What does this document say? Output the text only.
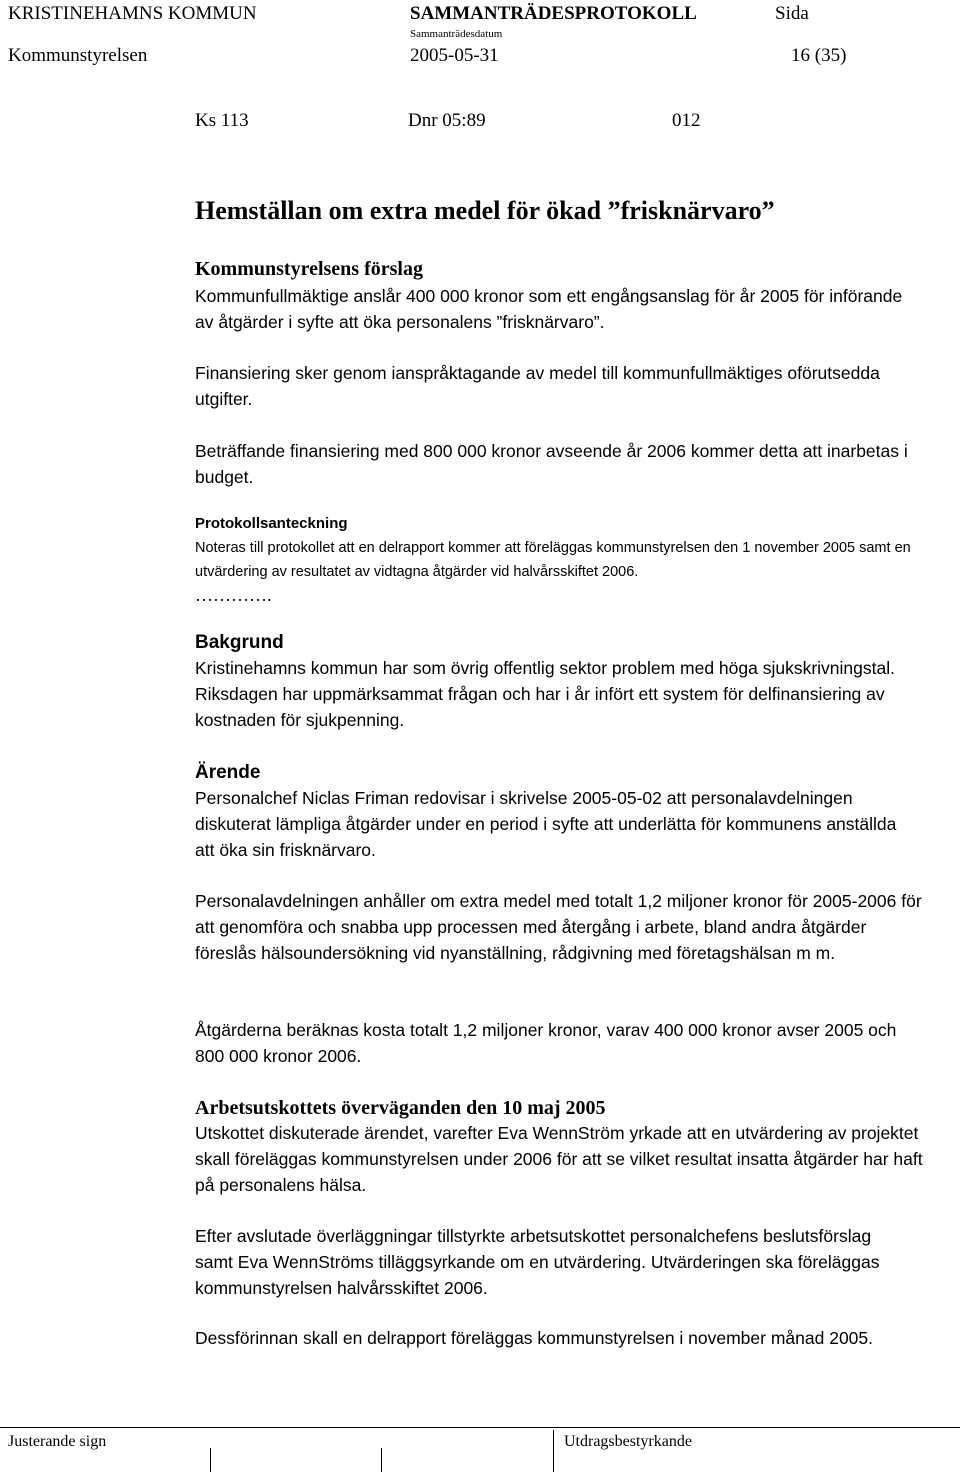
KRISTINEHAMNS KOMMUN	SAMMANTRÄDESPROTOKOLL	Sida
Sammanträdesdatum
Kommunstyrelsen	2005-05-31	16 (35)
Ks 113	Dnr 05:89	012
Hemställan om extra medel för ökad ”frisknärvaro”
Kommunstyrelsens förslag
Kommunfullmäktige anslår 400 000 kronor som ett engångsanslag för år 2005 för införande av åtgärder i syfte att öka personalens ”frisknärvaro”.
Finansiering sker genom ianspråktagande av medel till kommunfullmäktiges oförutsedda utgifter.
Beträffande finansiering med 800 000 kronor avseende år 2006 kommer detta att inarbetas i budget.
Protokollsanteckning
Noteras till protokollet att en delrapport kommer att föreläggas kommunstyrelsen den 1 november 2005 samt en utvärdering av resultatet av vidtagna åtgärder vid halvårsskiftet 2006.
………….
Bakgrund
Kristinehamns kommun har som övrig offentlig sektor problem med höga sjukskrivningstal. Riksdagen har uppmärksammat frågan och har i år infört ett system för delfinansiering av kostnaden för sjukpenning.
Ärende
Personalchef Niclas Friman redovisar i skrivelse 2005-05-02 att personalavdelningen diskuterat lämpliga åtgärder under en period i syfte att underlätta för kommunens anställda att öka sin frisknärvaro.
Personalavdelningen anhåller om extra medel med totalt 1,2 miljoner kronor för 2005-2006 för att genomföra och snabba upp processen med återgång i arbete, bland andra åtgärder föreslås hälsoundersökning vid nyanställning, rådgivning med företagshälsan m m.
Åtgärderna beräknas kosta totalt 1,2 miljoner kronor, varav 400 000 kronor avser 2005 och 800 000 kronor 2006.
Arbetsutskottets överväganden den 10 maj 2005
Utskottet diskuterade ärendet, varefter Eva WennStröm yrkade att en utvärdering av projektet skall föreläggas kommunstyrelsen under 2006 för att se vilket resultat insatta åtgärder har haft på personalens hälsa.
Efter avslutade överläggningar tillstyrkte arbetsutskottet personalchefens beslutsförslag samt Eva WennStröms tilläggsyrkande om en utvärdering. Utvärderingen ska föreläggas kommunstyrelsen halvårsskiftet 2006.
Dessförinnan skall en delrapport föreläggas kommunstyrelsen i november månad 2005.
Justerande sign	Utdragsbestyrkande
